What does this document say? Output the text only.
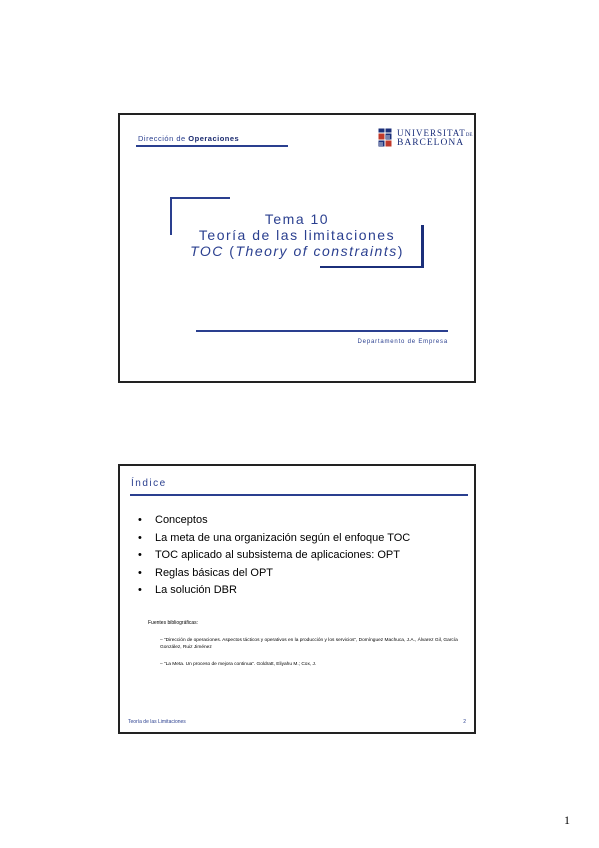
Dirección de Operaciones
UNIVERSITATDE
BARCELONA
Tema 10
Teoría de las limitaciones
TOC (Theory of constraints)
Departamento de Empresa
Índice
• Conceptos
• La meta de una organización según el enfoque TOC
• TOC aplicado al subsistema de aplicaciones: OPT
• Reglas básicas del OPT
• La solución DBR
Fuentes bibliográficas:
– “Dirección de operaciones. Aspectos tácticos y operativos en la producción y los servicios”, Domínguez Machuca, J.A., Álvarez Gil, García González, Ruiz Jiménez
– “La Meta. Un proceso de mejora continua”. Goldratt, Eliyahu M.; Cox, J.
Teoría de las Limitaciones	2
1
